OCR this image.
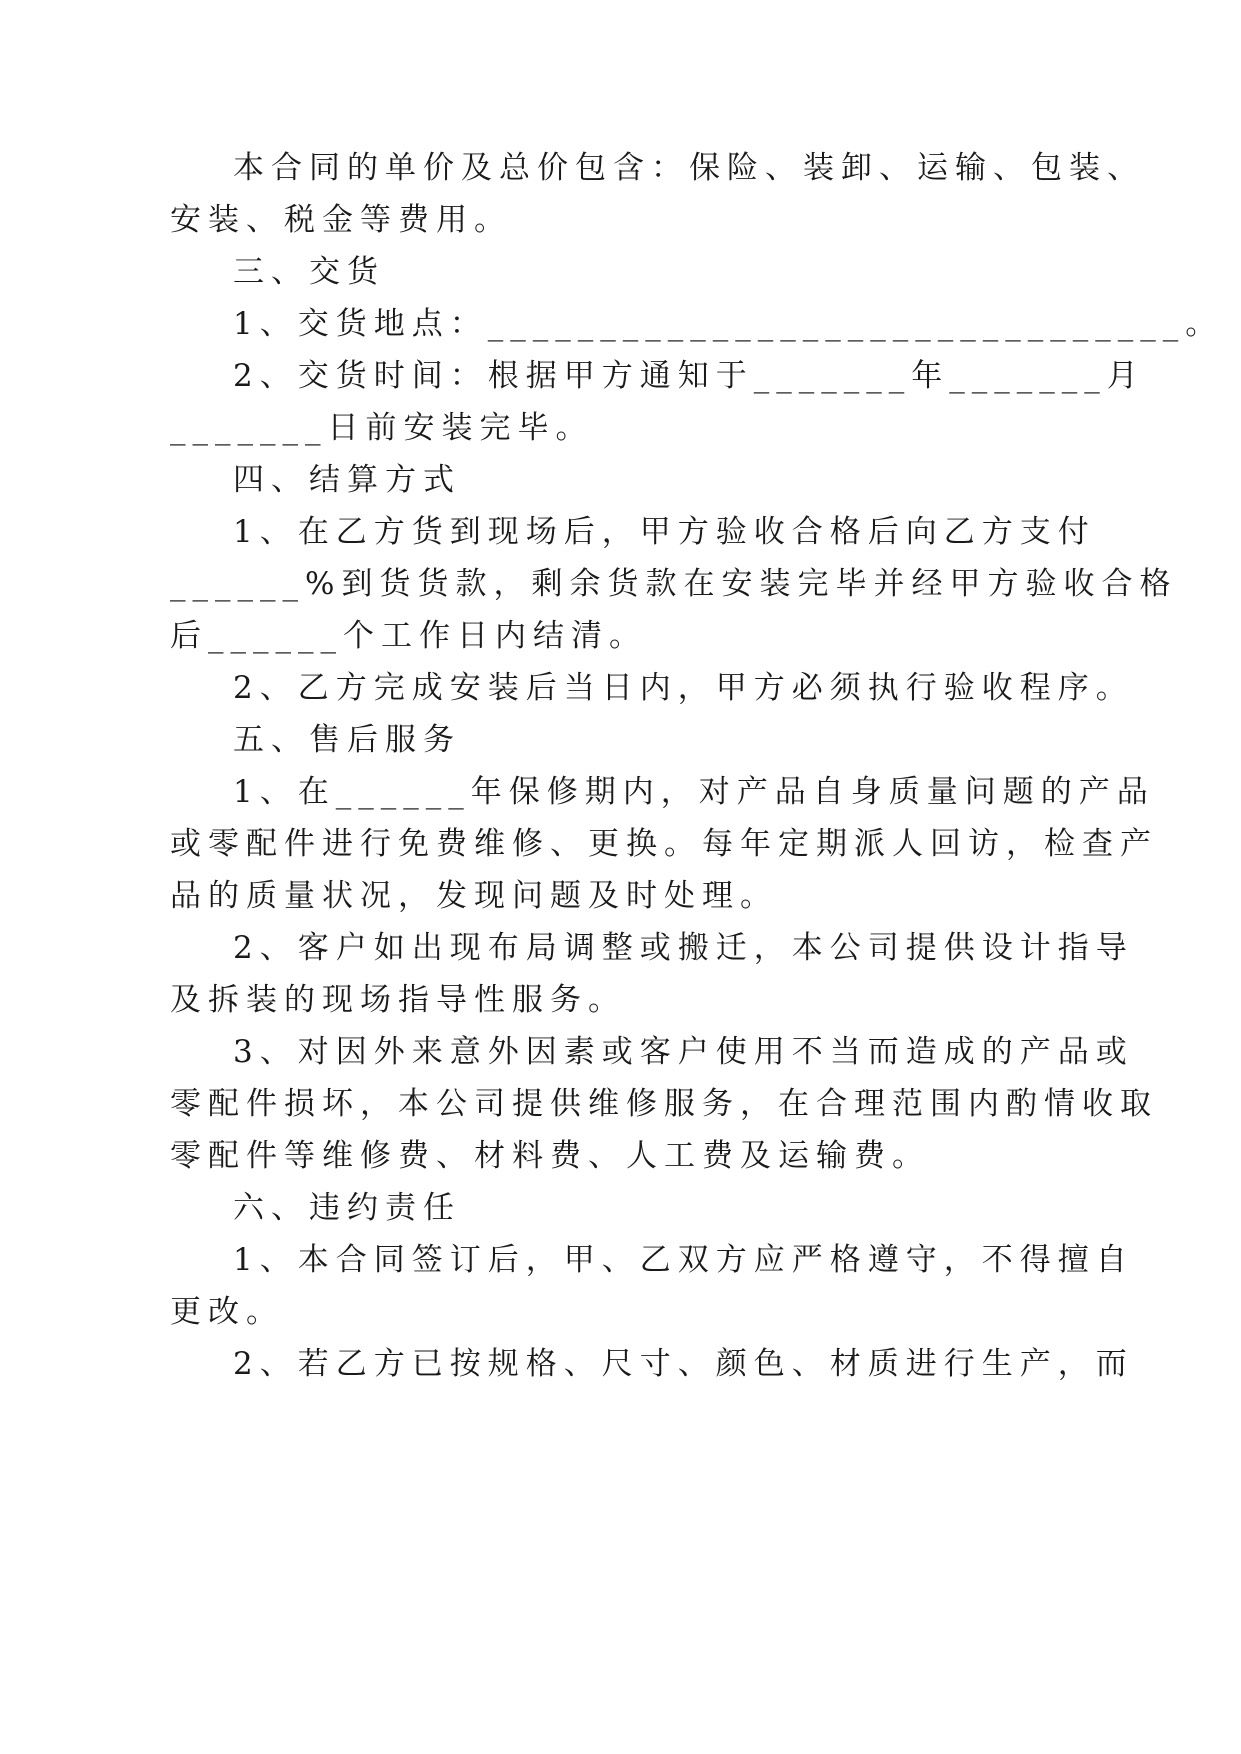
本合同的单价及总价包含：保险、装卸、运输、包装、

安装、税金等费用。

三、交货

1、交货地点：_______________________________。

2、交货时间：根据甲方通知于_______年_______月

_______日前安装完毕。

四、结算方式

1、在乙方货到现场后，甲方验收合格后向乙方支付

______%到货货款，剩余货款在安装完毕并经甲方验收合格

后______个工作日内结清。

2、乙方完成安装后当日内，甲方必须执行验收程序。

五、售后服务

1、在______年保修期内，对产品自身质量问题的产品

或零配件进行免费维修、更换。每年定期派人回访，检查产

品的质量状况，发现问题及时处理。

2、客户如出现布局调整或搬迁，本公司提供设计指导

及拆装的现场指导性服务。

3、对因外来意外因素或客户使用不当而造成的产品或

零配件损坏，本公司提供维修服务，在合理范围内酌情收取

零配件等维修费、材料费、人工费及运输费。

六、违约责任

1、本合同签订后，甲、乙双方应严格遵守，不得擅自

更改。

2、若乙方已按规格、尺寸、颜色、材质进行生产，而
